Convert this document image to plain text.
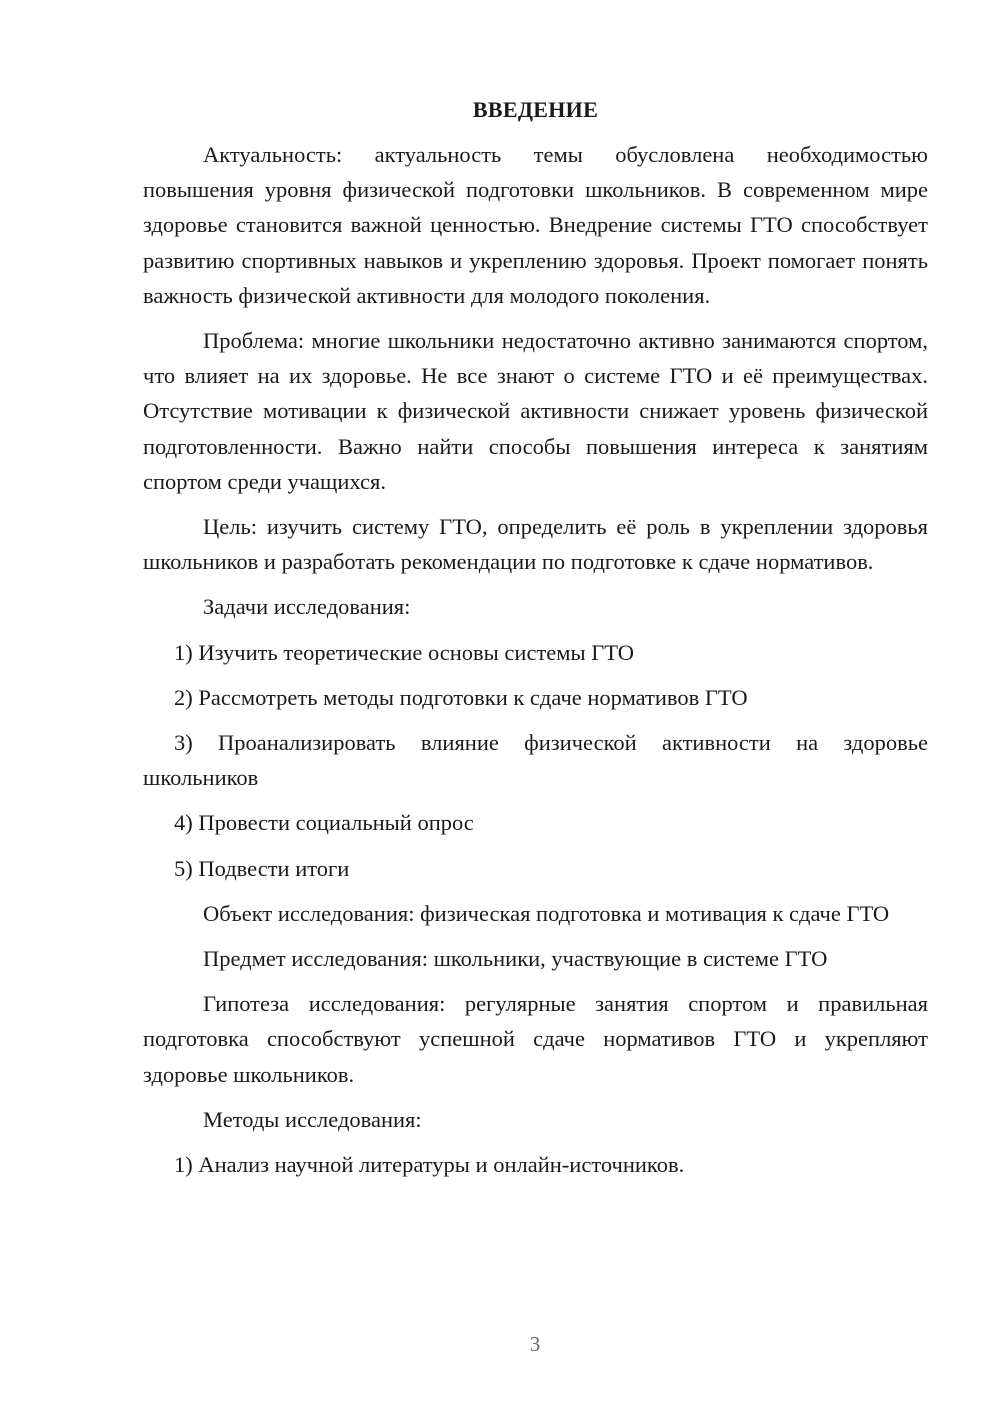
ВВЕДЕНИЕ

Актуальность: актуальность темы обусловлена необходимостью повышения уровня физической подготовки школьников. В современном мире здоровье становится важной ценностью. Внедрение системы ГТО способствует развитию спортивных навыков и укреплению здоровья. Проект помогает понять важность физической активности для молодого поколения.

Проблема: многие школьники недостаточно активно занимаются спортом, что влияет на их здоровье. Не все знают о системе ГТО и её преимуществах. Отсутствие мотивации к физической активности снижает уровень физической подготовленности. Важно найти способы повышения интереса к занятиям спортом среди учащихся.

Цель: изучить систему ГТО, определить её роль в укреплении здоровья школьников и разработать рекомендации по подготовке к сдаче нормативов.

Задачи исследования:

1) Изучить теоретические основы системы ГТО

2) Рассмотреть методы подготовки к сдаче нормативов ГТО

3) Проанализировать влияние физической активности на здоровье школьников

4) Провести социальный опрос

5) Подвести итоги

Объект исследования: физическая подготовка и мотивация к сдаче ГТО

Предмет исследования: школьники, участвующие в системе ГТО

Гипотеза исследования: регулярные занятия спортом и правильная подготовка способствуют успешной сдаче нормативов ГТО и укрепляют здоровье школьников.

Методы исследования:

1) Анализ научной литературы и онлайн-источников.

3
